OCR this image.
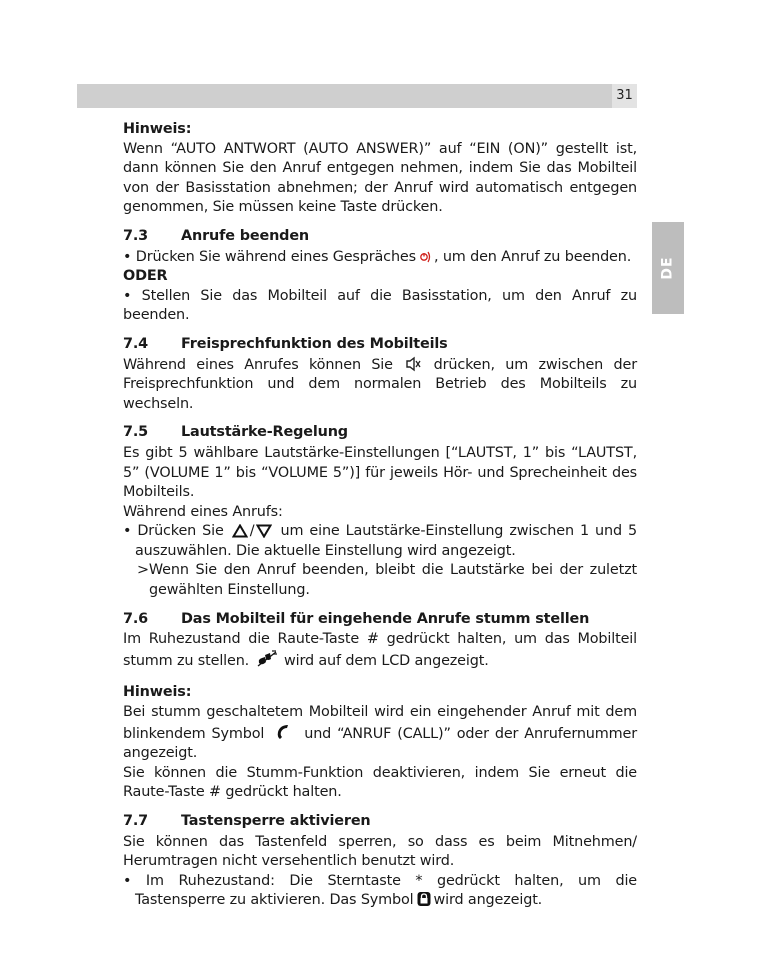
31
DE

Hinweis:

Wenn “AUTO ANTWORT (AUTO ANSWER)” auf “EIN (ON)” gestellt ist, dann können Sie den Anruf entgegen nehmen, indem Sie das Mobilteil von der Basisstation abnehmen; der Anruf wird automatisch entgegen genommen, Sie müssen keine Taste drücken.

7.3	Anrufe beenden

• Drücken Sie während eines Gespräches , um den Anruf zu beenden.

ODER

• Stellen Sie das Mobilteil auf die Basisstation, um den Anruf zu beenden.

7.4	Freisprechfunktion des Mobilteils

Während eines Anrufes können Sie	drücken, um zwischen der Freisprechfunktion und dem normalen Betrieb des Mobilteils zu wechseln.

7.5	Lautstärke-Regelung

Es gibt 5 wählbare Lautstärke-Einstellungen [“LAUTST, 1” bis “LAUTST, 5” (VOLUME 1” bis “VOLUME 5”)] für jeweils Hör- und Sprecheinheit des Mobilteils.

Während eines Anrufs:

• Drücken Sie / um eine Lautstärke-Einstellung zwischen 1 und 5 auszuwählen. Die aktuelle Einstellung wird angezeigt.

>Wenn Sie den Anruf beenden, bleibt die Lautstärke bei der zuletzt gewählten Einstellung.

7.6	Das Mobilteil für eingehende Anrufe stumm stellen

Im Ruhezustand die Raute-Taste # gedrückt halten, um das Mobilteil stumm zu stellen. wird auf dem LCD angezeigt.

Hinweis:

Bei stumm geschaltetem Mobilteil wird ein eingehender Anruf mit dem blinkendem Symbol	und “ANRUF (CALL)” oder der Anrufernummer angezeigt.

Sie können die Stumm-Funktion deaktivieren, indem Sie erneut die Raute-Taste # gedrückt halten.

7.7	Tastensperre aktivieren

Sie können das Tastenfeld sperren, so dass es beim Mitnehmen/ Herumtragen nicht versehentlich benutzt wird.

• Im Ruhezustand: Die Sterntaste * gedrückt halten, um die Tastensperre zu aktivieren. Das Symbol wird angezeigt.
